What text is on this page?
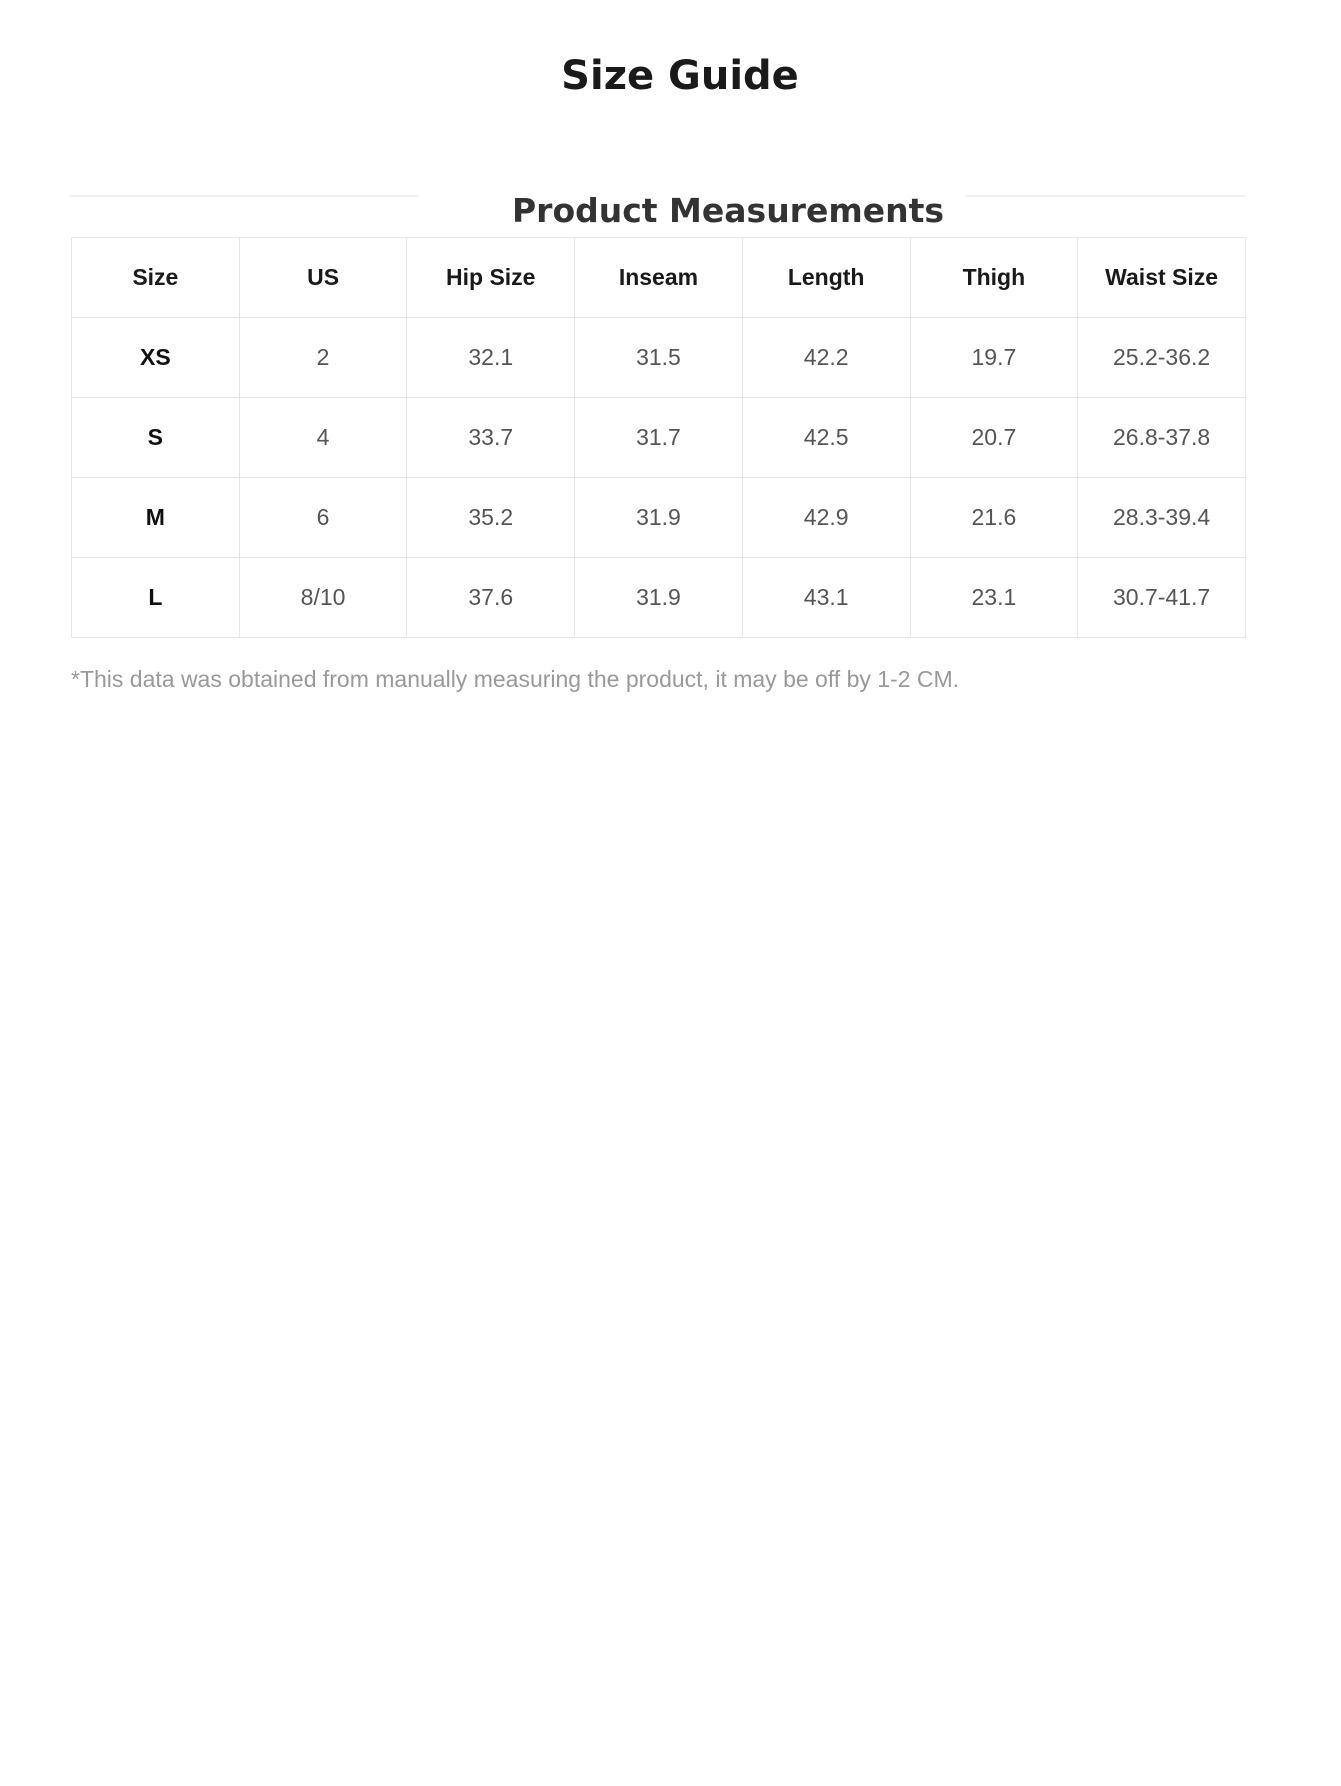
Size Guide
Product Measurements
Size	US	Hip Size	Inseam	Length	Thigh	Waist Size
XS	2	32.1	31.5	42.2	19.7	25.2-36.2
S	4	33.7	31.7	42.5	20.7	26.8-37.8
M	6	35.2	31.9	42.9	21.6	28.3-39.4
L	8/10	37.6	31.9	43.1	23.1	30.7-41.7

*This data was obtained from manually measuring the product, it may be off by 1-2 CM.
